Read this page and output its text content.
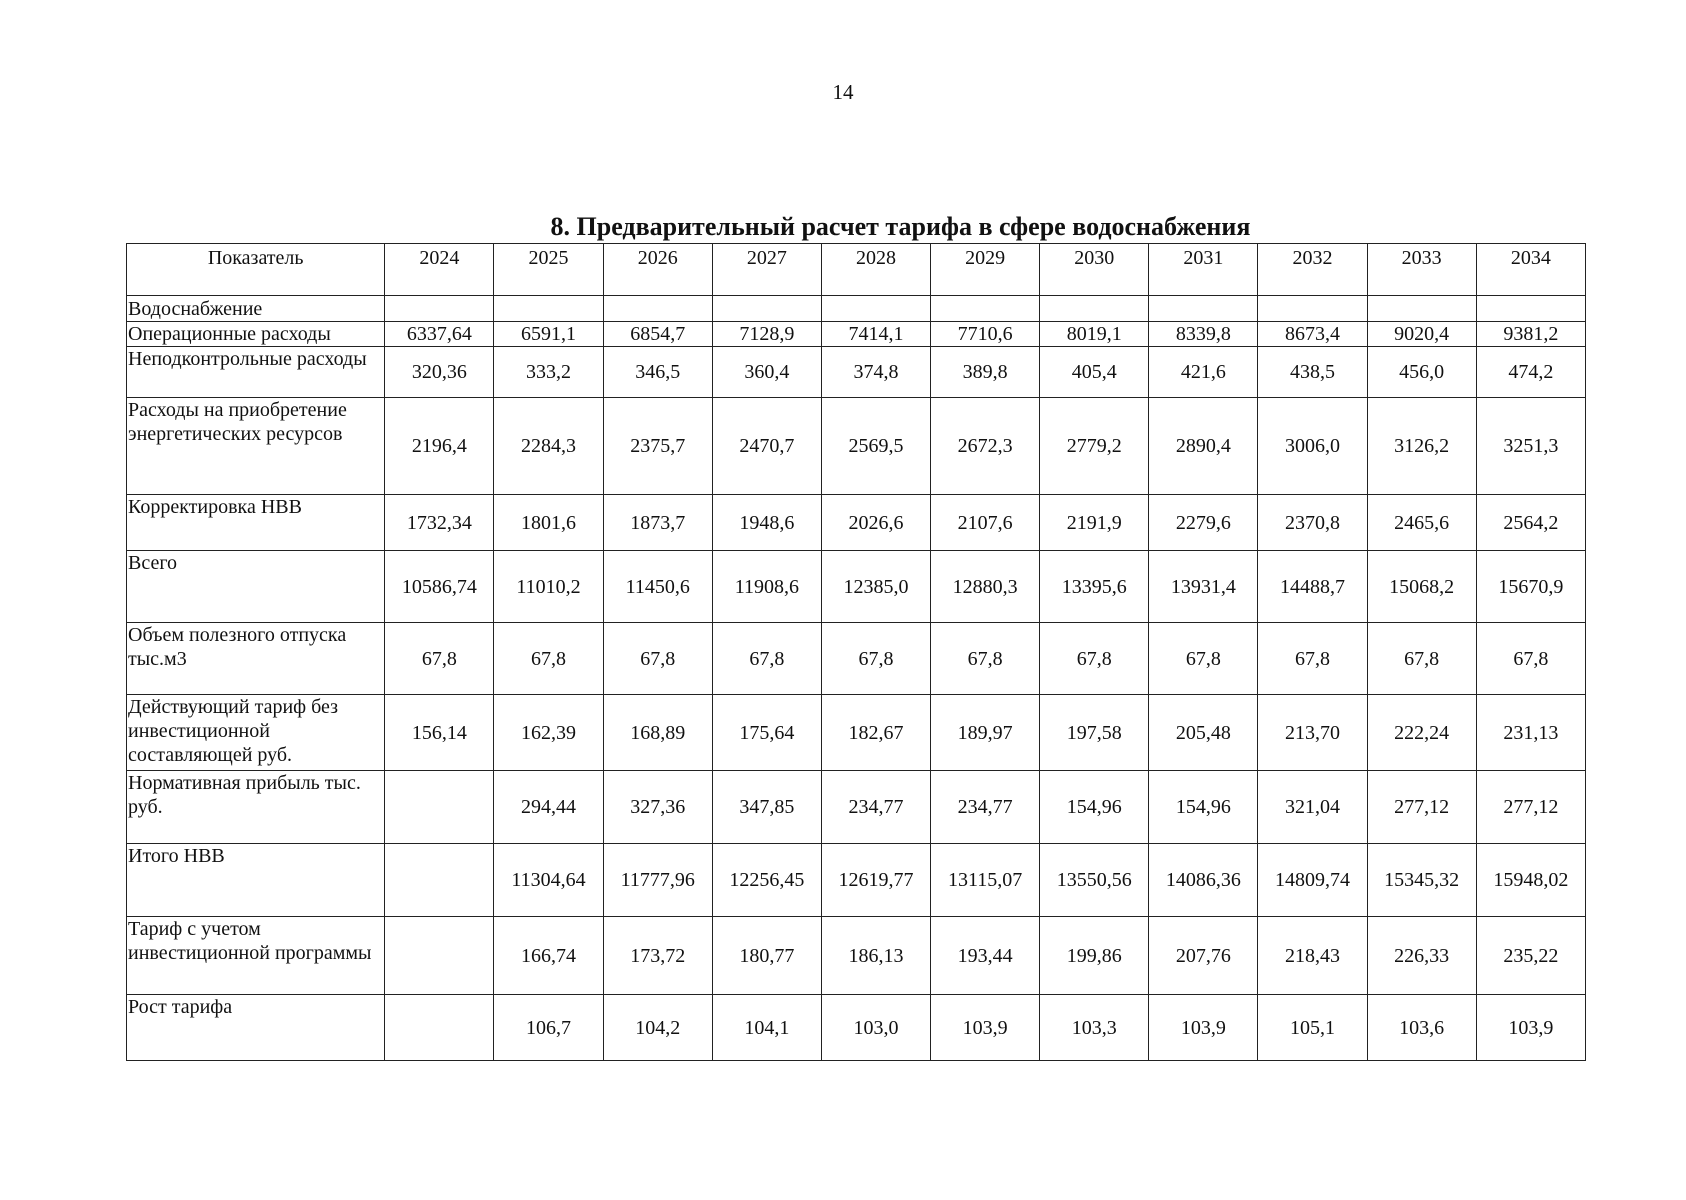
14
8. Предварительный расчет тарифа в сфере водоснабжения
Показатель	2024	2025	2026	2027	2028	2029	2030	2031	2032	2033	2034
Водоснабжение											
Операционные расходы	6337,64	6591,1	6854,7	7128,9	7414,1	7710,6	8019,1	8339,8	8673,4	9020,4	9381,2
Неподконтрольные расходы	320,36	333,2	346,5	360,4	374,8	389,8	405,4	421,6	438,5	456,0	474,2
Расходы на приобретение энергетических ресурсов	2196,4	2284,3	2375,7	2470,7	2569,5	2672,3	2779,2	2890,4	3006,0	3126,2	3251,3
Корректировка НВВ	1732,34	1801,6	1873,7	1948,6	2026,6	2107,6	2191,9	2279,6	2370,8	2465,6	2564,2
Всего	10586,74	11010,2	11450,6	11908,6	12385,0	12880,3	13395,6	13931,4	14488,7	15068,2	15670,9
Объем полезного отпуска тыс.м3	67,8	67,8	67,8	67,8	67,8	67,8	67,8	67,8	67,8	67,8	67,8
Действующий тариф без инвестиционной составляющей руб.	156,14	162,39	168,89	175,64	182,67	189,97	197,58	205,48	213,70	222,24	231,13
Нормативная прибыль тыс. руб.		294,44	327,36	347,85	234,77	234,77	154,96	154,96	321,04	277,12	277,12
Итого НВВ		11304,64	11777,96	12256,45	12619,77	13115,07	13550,56	14086,36	14809,74	15345,32	15948,02
Тариф с учетом инвестиционной программы		166,74	173,72	180,77	186,13	193,44	199,86	207,76	218,43	226,33	235,22
Рост тарифа		106,7	104,2	104,1	103,0	103,9	103,3	103,9	105,1	103,6	103,9
